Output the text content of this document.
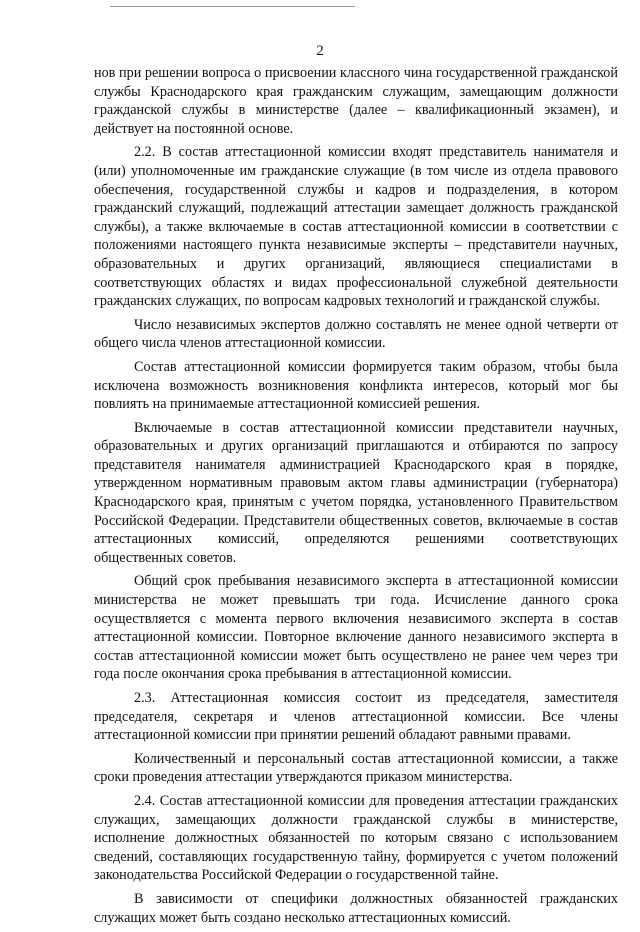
2

нов при решении вопроса о присвоении классного чина государственной гражданской службы Краснодарского края гражданским служащим, замещающим должности гражданской службы в министерстве (далее – квалификационный экзамен), и действует на постоянной основе.

2.2. В состав аттестационной комиссии входят представитель нанимателя и (или) уполномоченные им гражданские служащие (в том числе из отдела правового обеспечения, государственной службы и кадров и подразделения, в котором гражданский служащий, подлежащий аттестации замещает должность гражданской службы), а также включаемые в состав аттестационной комиссии в соответствии с положениями настоящего пункта независимые эксперты – представители научных, образовательных и других организаций, являющиеся специалистами в соответствующих областях и видах профессиональной служебной деятельности гражданских служащих, по вопросам кадровых технологий и гражданской службы.

Число независимых экспертов должно составлять не менее одной четверти от общего числа членов аттестационной комиссии.

Состав аттестационной комиссии формируется таким образом, чтобы была исключена возможность возникновения конфликта интересов, который мог бы повлиять на принимаемые аттестационной комиссией решения.

Включаемые в состав аттестационной комиссии представители научных, образовательных и других организаций приглашаются и отбираются по запросу представителя нанимателя администрацией Краснодарского края в порядке, утвержденном нормативным правовым актом главы администрации (губернатора) Краснодарского края, принятым с учетом порядка, установленного Правительством Российской Федерации. Представители общественных советов, включаемые в состав аттестационных комиссий, определяются решениями соответствующих общественных советов.

Общий срок пребывания независимого эксперта в аттестационной комиссии министерства не может превышать три года. Исчисление данного срока осуществляется с момента первого включения независимого эксперта в состав аттестационной комиссии. Повторное включение данного независимого эксперта в состав аттестационной комиссии может быть осуществлено не ранее чем через три года после окончания срока пребывания в аттестационной комиссии.

2.3. Аттестационная комиссия состоит из председателя, заместителя председателя, секретаря и членов аттестационной комиссии. Все члены аттестационной комиссии при принятии решений обладают равными правами.

Количественный и персональный состав аттестационной комиссии, а также сроки проведения аттестации утверждаются приказом министерства.

2.4. Состав аттестационной комиссии для проведения аттестации гражданских служащих, замещающих должности гражданской службы в министерстве, исполнение должностных обязанностей по которым связано с использованием сведений, составляющих государственную тайну, формируется с учетом положений законодательства Российской Федерации о государственной тайне.

В зависимости от специфики должностных обязанностей гражданских служащих может быть создано несколько аттестационных комиссий.
